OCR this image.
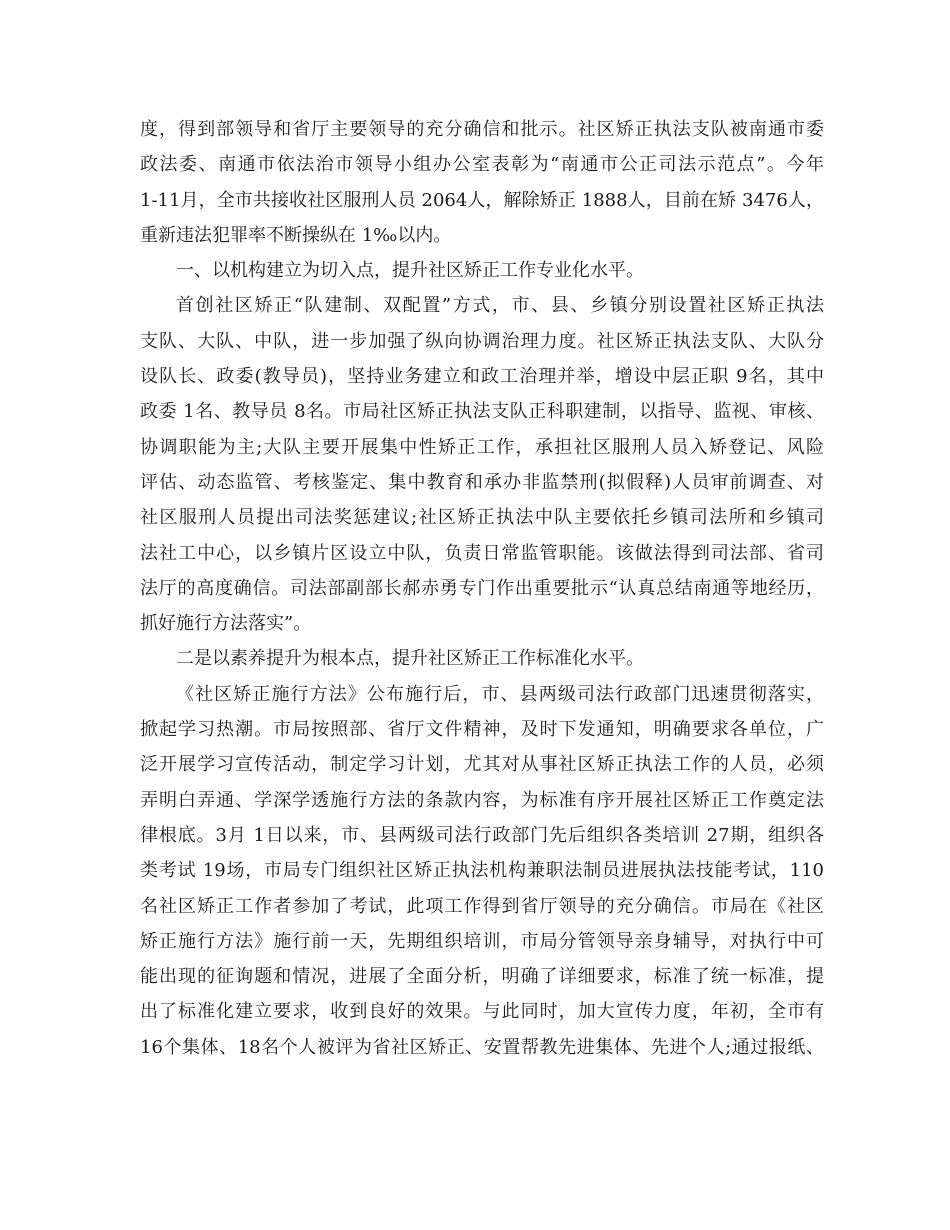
度，得到部领导和省厅主要领导的充分确信和批示。社区矫正执法支队被南通市委
政法委、南通市依法治市领导小组办公室表彰为“南通市公正司法示范点”。今年
1-11月，全市共接收社区服刑人员 2064人，解除矫正 1888人，目前在矫 3476人，
重新违法犯罪率不断操纵在 1‰以内。
一、以机构建立为切入点，提升社区矫正工作专业化水平。
首创社区矫正“队建制、双配置”方式，市、县、乡镇分别设置社区矫正执法
支队、大队、中队，进一步加强了纵向协调治理力度。社区矫正执法支队、大队分
设队长、政委(教导员)，坚持业务建立和政工治理并举，增设中层正职 9名，其中
政委 1名、教导员 8名。市局社区矫正执法支队正科职建制，以指导、监视、审核、
协调职能为主;大队主要开展集中性矫正工作，承担社区服刑人员入矫登记、风险
评估、动态监管、考核鉴定、集中教育和承办非监禁刑(拟假释)人员审前调查、对
社区服刑人员提出司法奖惩建议;社区矫正执法中队主要依托乡镇司法所和乡镇司
法社工中心，以乡镇片区设立中队，负责日常监管职能。该做法得到司法部、省司
法厅的高度确信。司法部副部长郝赤勇专门作出重要批示“认真总结南通等地经历，
抓好施行方法落实”。
二是以素养提升为根本点，提升社区矫正工作标准化水平。
《社区矫正施行方法》公布施行后，市、县两级司法行政部门迅速贯彻落实，
掀起学习热潮。市局按照部、省厅文件精神，及时下发通知，明确要求各单位，广
泛开展学习宣传活动，制定学习计划，尤其对从事社区矫正执法工作的人员，必须
弄明白弄通、学深学透施行方法的条款内容，为标准有序开展社区矫正工作奠定法
律根底。3月 1日以来，市、县两级司法行政部门先后组织各类培训 27期，组织各
类考试 19场，市局专门组织社区矫正执法机构兼职法制员进展执法技能考试，110
名社区矫正工作者参加了考试，此项工作得到省厅领导的充分确信。市局在《社区
矫正施行方法》施行前一天，先期组织培训，市局分管领导亲身辅导，对执行中可
能出现的征询题和情况，进展了全面分析，明确了详细要求，标准了统一标准，提
出了标准化建立要求，收到良好的效果。与此同时，加大宣传力度，年初，全市有
16个集体、18名个人被评为省社区矫正、安置帮教先进集体、先进个人;通过报纸、
